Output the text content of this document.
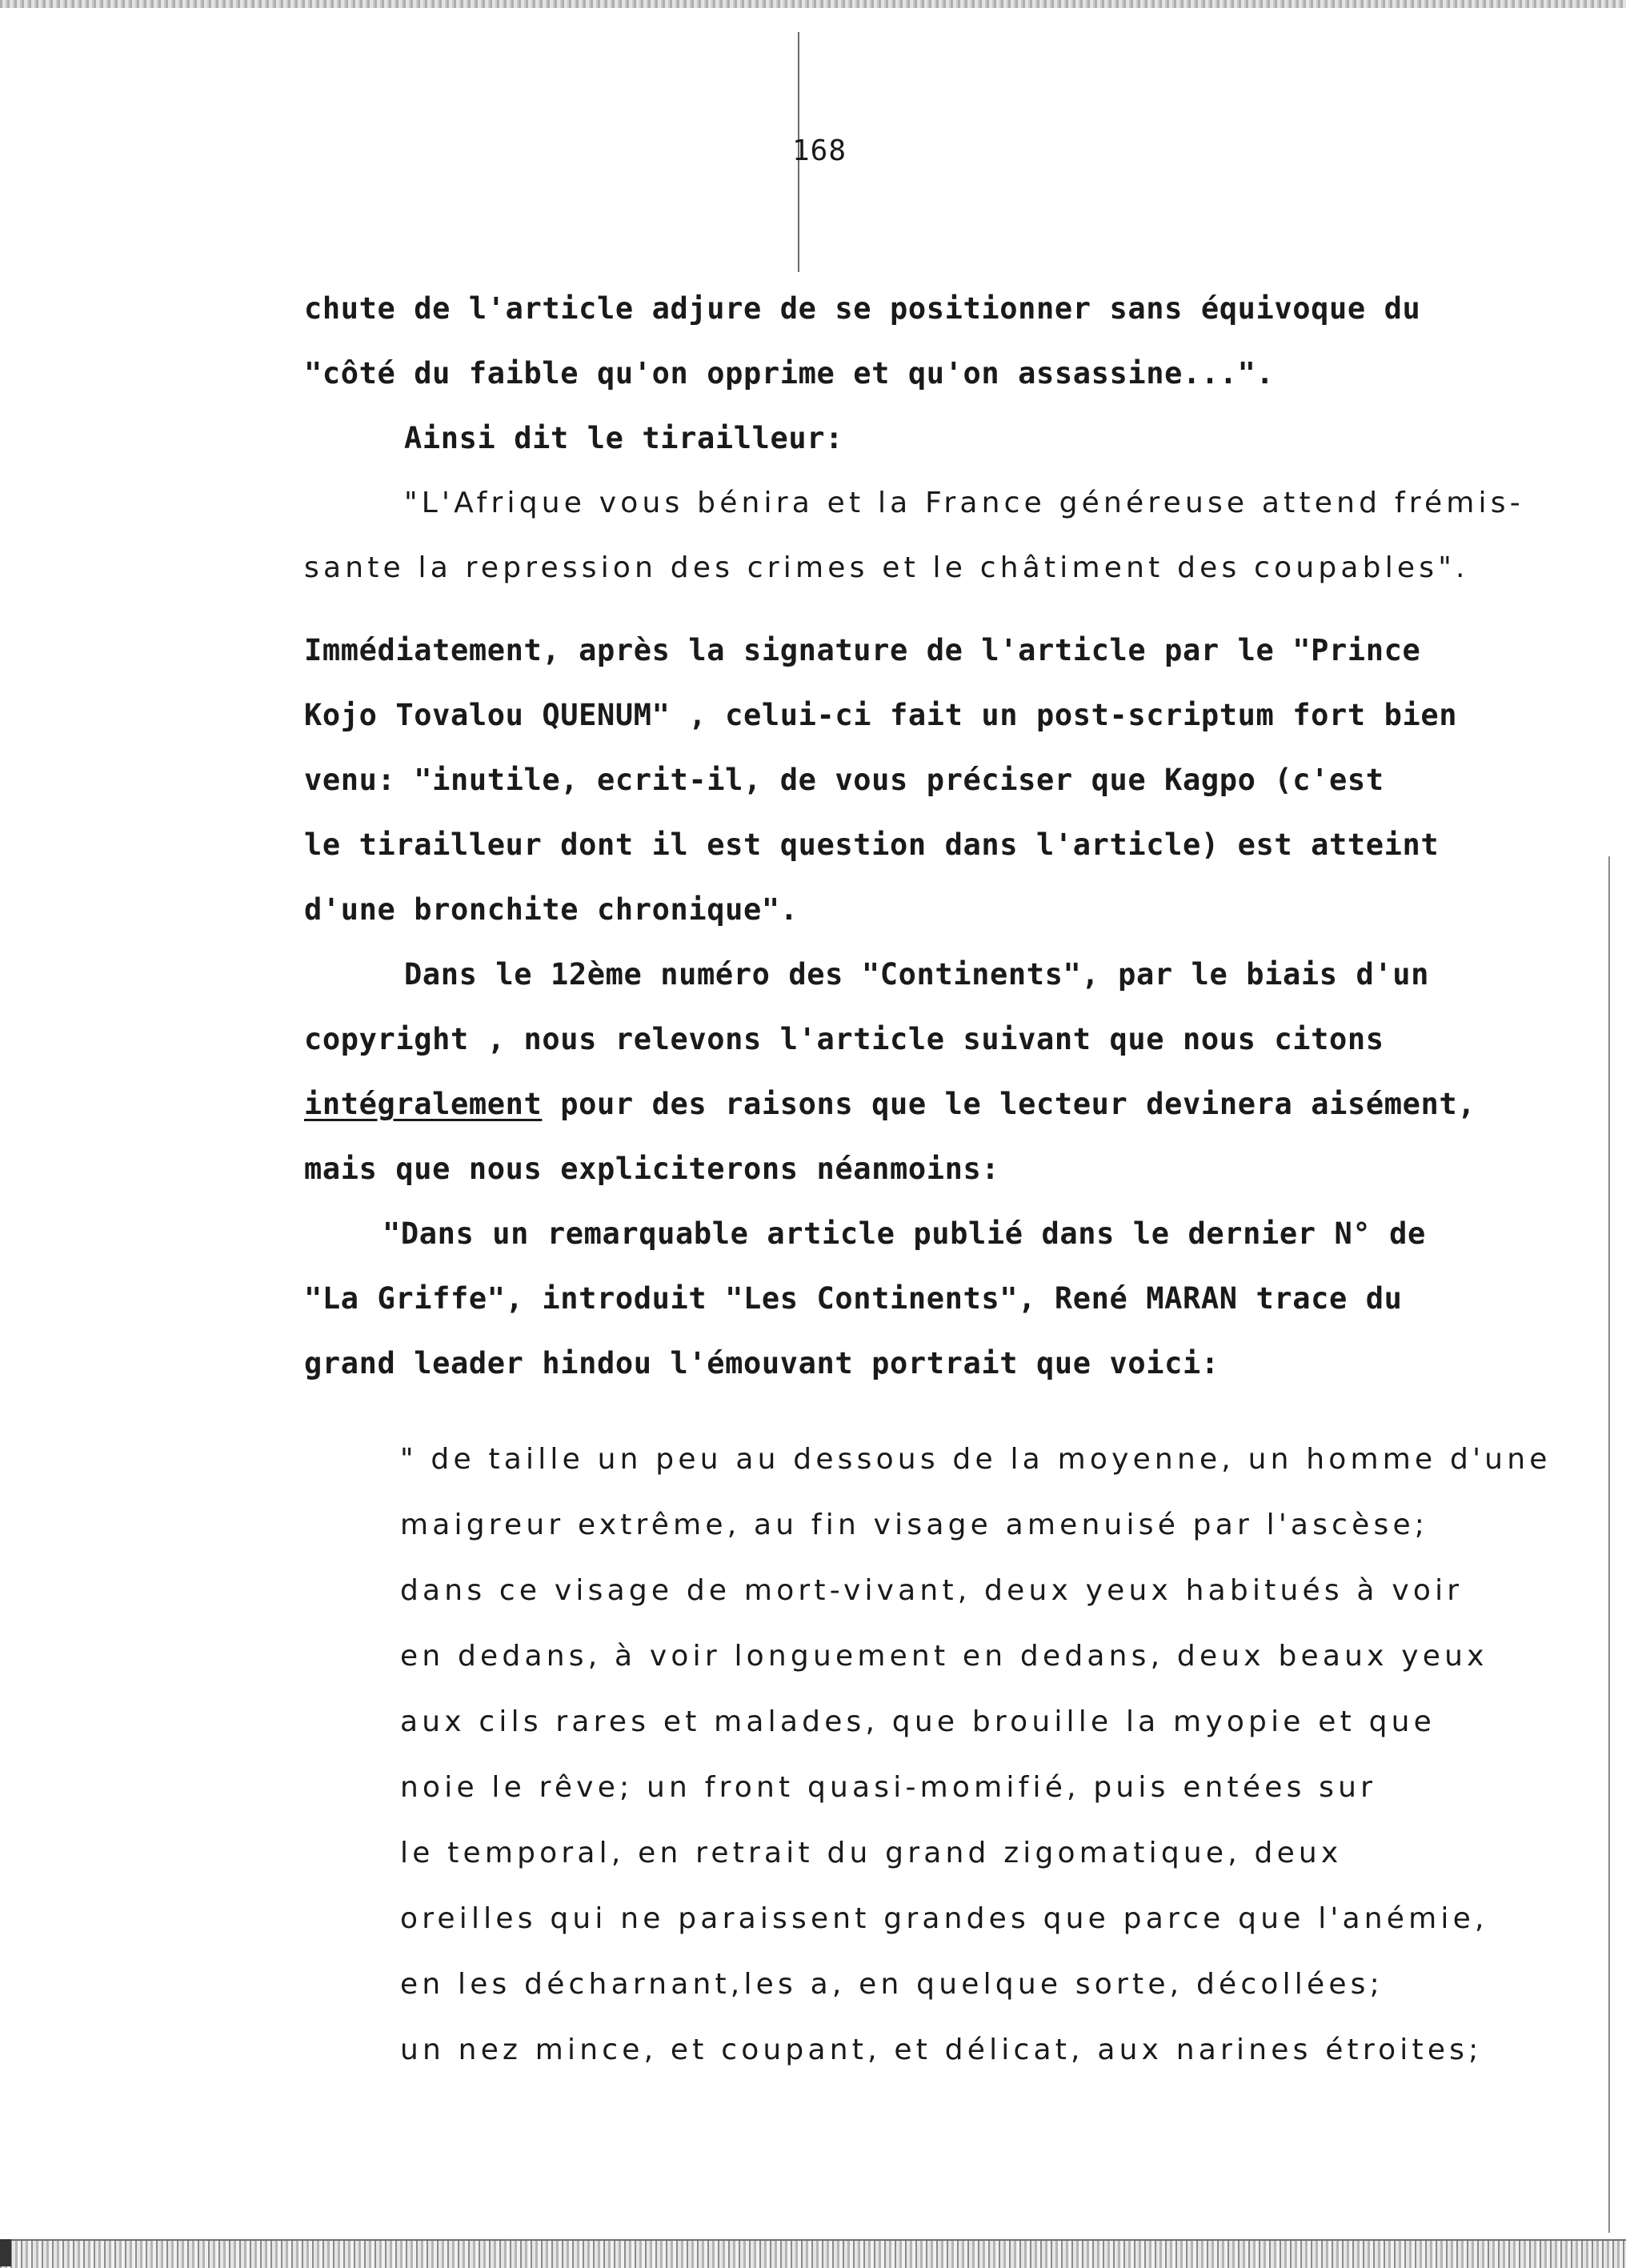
168
chute de l'article adjure de se positionner sans équivoque du
"côté du faible qu'on opprime et qu'on assassine...".
Ainsi dit le tirailleur:
"L'Afrique vous bénira et la France généreuse attend frémis-
sante la repression des crimes et le châtiment des coupables".
Immédiatement, après la signature de l'article par le "Prince
Kojo Tovalou QUENUM" , celui-ci fait un post-scriptum fort bien
venu: "inutile, ecrit-il, de vous préciser que Kagpo (c'est
le tirailleur dont il est question dans l'article) est atteint
d'une bronchite chronique".
Dans le 12ème numéro des "Continents", par le biais d'un
copyright , nous relevons l'article suivant que nous citons
intégralement pour des raisons que le lecteur devinera aisément,
mais que nous expliciterons néanmoins:
"Dans un remarquable article publié dans le dernier N° de
"La Griffe", introduit "Les Continents", René MARAN trace du
grand leader hindou l'émouvant portrait que voici:
" de taille un peu au dessous de la moyenne, un homme d'une
maigreur extrême, au fin visage amenuisé par l'ascèse;
dans ce visage de mort-vivant, deux yeux habitués à voir
en dedans, à voir longuement en dedans, deux beaux yeux
aux cils rares et malades, que brouille la myopie et que
noie le rêve; un front quasi-momifié, puis entées sur
le temporal, en retrait du grand zigomatique, deux
oreilles qui ne paraissent grandes que parce que l'anémie,
en les décharnant,les a, en quelque sorte, décollées;
un nez mince, et coupant, et délicat, aux narines étroites;
